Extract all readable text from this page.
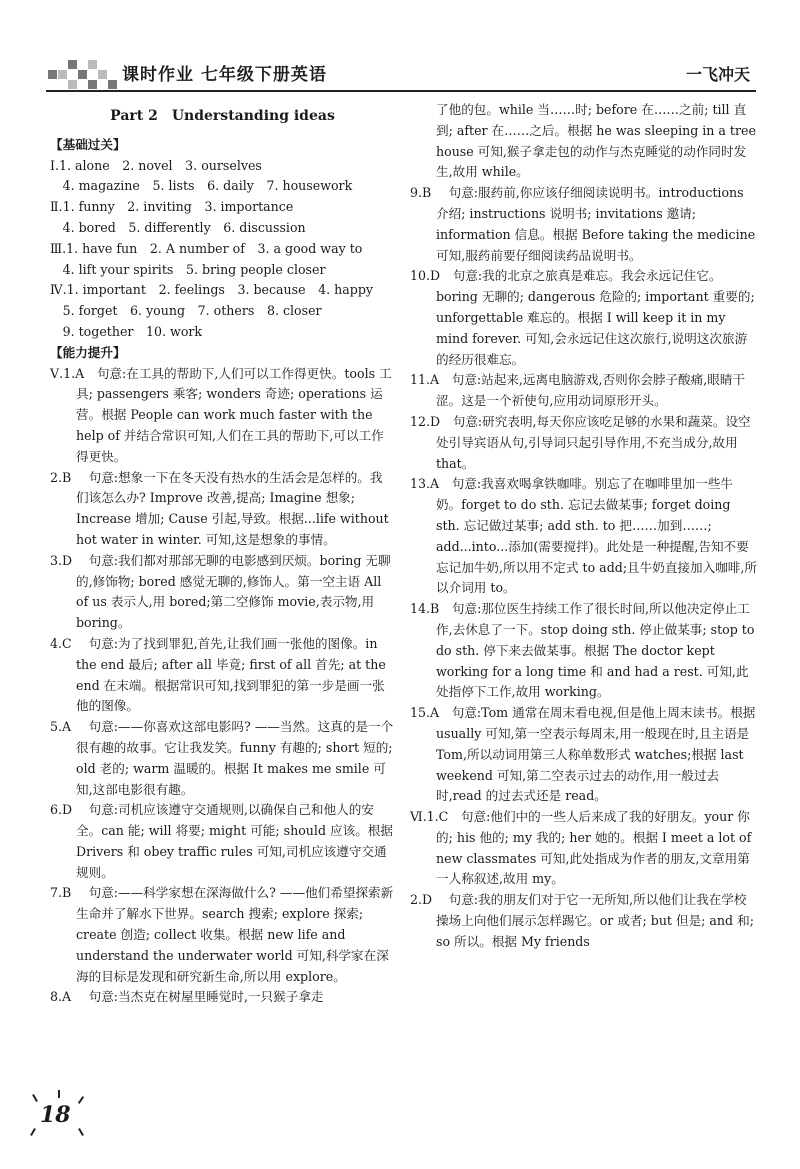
课时作业 七年级下册英语	一飞冲天
Part 2　Understanding ideas
【基础过关】
Ⅰ.1. alone　2. novel　3. ourselves
　4. magazine　5. lists　6. daily　7. housework
Ⅱ.1. funny　2. inviting　3. importance
　4. bored　5. differently　6. discussion
Ⅲ.1. have fun　2. A number of　3. a good way to
　4. lift your spirits　5. bring people closer
Ⅳ.1. important　2. feelings　3. because　4. happy
　5. forget　6. young　7. others　8. closer
　9. together　10. work
【能力提升】
Ⅴ.1.A　 句意:在工具的帮助下,人们可以工作得更快。tools 工具; passengers 乘客; wonders 奇迹; operations 运营。根据 People can work much faster with the help of 并结合常识可知,人们在工具的帮助下,可以工作得更快。
2.B　 句意:想象一下在冬天没有热水的生活会是怎样的。我们该怎么办? Improve 改善,提高; Imagine 想象; Increase 增加; Cause 引起,导致。根据...life without hot water in winter. 可知,这是想象的事情。
3.D　 句意:我们都对那部无聊的电影感到厌烦。boring 无聊的,修饰物; bored 感觉无聊的,修饰人。第一空主语 All of us 表示人,用 bored;第二空修饰 movie,表示物,用 boring。
4.C　 句意:为了找到罪犯,首先,让我们画一张他的图像。in the end 最后; after all 毕竟; first of all 首先; at the end 在末端。根据常识可知,找到罪犯的第一步是画一张他的图像。
5.A　 句意:——你喜欢这部电影吗? ——当然。这真的是一个很有趣的故事。它让我发笑。funny 有趣的; short 短的; old 老的; warm 温暖的。根据 It makes me smile 可知,这部电影很有趣。
6.D　 句意:司机应该遵守交通规则,以确保自己和他人的安全。can 能; will 将要; might 可能; should 应该。根据 Drivers 和 obey traffic rules 可知,司机应该遵守交通规则。
7.B　 句意:——科学家想在深海做什么? ——他们希望探索新生命并了解水下世界。search 搜索; explore 探索; create 创造; collect 收集。根据 new life and understand the underwater world 可知,科学家在深海的目标是发现和研究新生命,所以用 explore。
8.A　 句意:当杰克在树屋里睡觉时,一只猴子拿走
了他的包。while 当……时; before 在……之前; till 直到; after 在……之后。根据 he was sleeping in a tree house 可知,猴子拿走包的动作与杰克睡觉的动作同时发生,故用 while。
9.B　 句意:服药前,你应该仔细阅读说明书。introductions 介绍; instructions 说明书; invitations 邀请; information 信息。根据 Before taking the medicine 可知,服药前要仔细阅读药品说明书。
10.D　 句意:我的北京之旅真是难忘。我会永远记住它。boring 无聊的; dangerous 危险的; important 重要的; unforgettable 难忘的。根据 I will keep it in my mind forever. 可知,会永远记住这次旅行,说明这次旅游的经历很难忘。
11.A　 句意:站起来,远离电脑游戏,否则你会脖子酸痛,眼睛干涩。这是一个祈使句,应用动词原形开头。
12.D　 句意:研究表明,每天你应该吃足够的水果和蔬菜。设空处引导宾语从句,引导词只起引导作用,不充当成分,故用 that。
13.A　 句意:我喜欢喝拿铁咖啡。别忘了在咖啡里加一些牛奶。forget to do sth. 忘记去做某事; forget doing sth. 忘记做过某事; add sth. to 把……加到……; add...into...添加(需要搅拌)。此处是一种提醒,告知不要忘记加牛奶,所以用不定式 to add;且牛奶直接加入咖啡,所以介词用 to。
14.B　 句意:那位医生持续工作了很长时间,所以他决定停止工作,去休息了一下。stop doing sth. 停止做某事; stop to do sth. 停下来去做某事。根据 The doctor kept working for a long time 和 and had a rest. 可知,此处指停下工作,故用 working。
15.A　 句意:Tom 通常在周末看电视,但是他上周末读书。根据 usually 可知,第一空表示每周末,用一般现在时,且主语是 Tom,所以动词用第三人称单数形式 watches;根据 last weekend 可知,第二空表示过去的动作,用一般过去时,read 的过去式还是 read。
Ⅵ.1.C　 句意:他们中的一些人后来成了我的好朋友。your 你的; his 他的; my 我的; her 她的。根据 I meet a lot of new classmates 可知,此处指成为作者的朋友,文章用第一人称叙述,故用 my。
2.D　 句意:我的朋友们对于它一无所知,所以他们让我在学校操场上向他们展示怎样踢它。or 或者; but 但是; and 和; so 所以。根据 My friends
18
